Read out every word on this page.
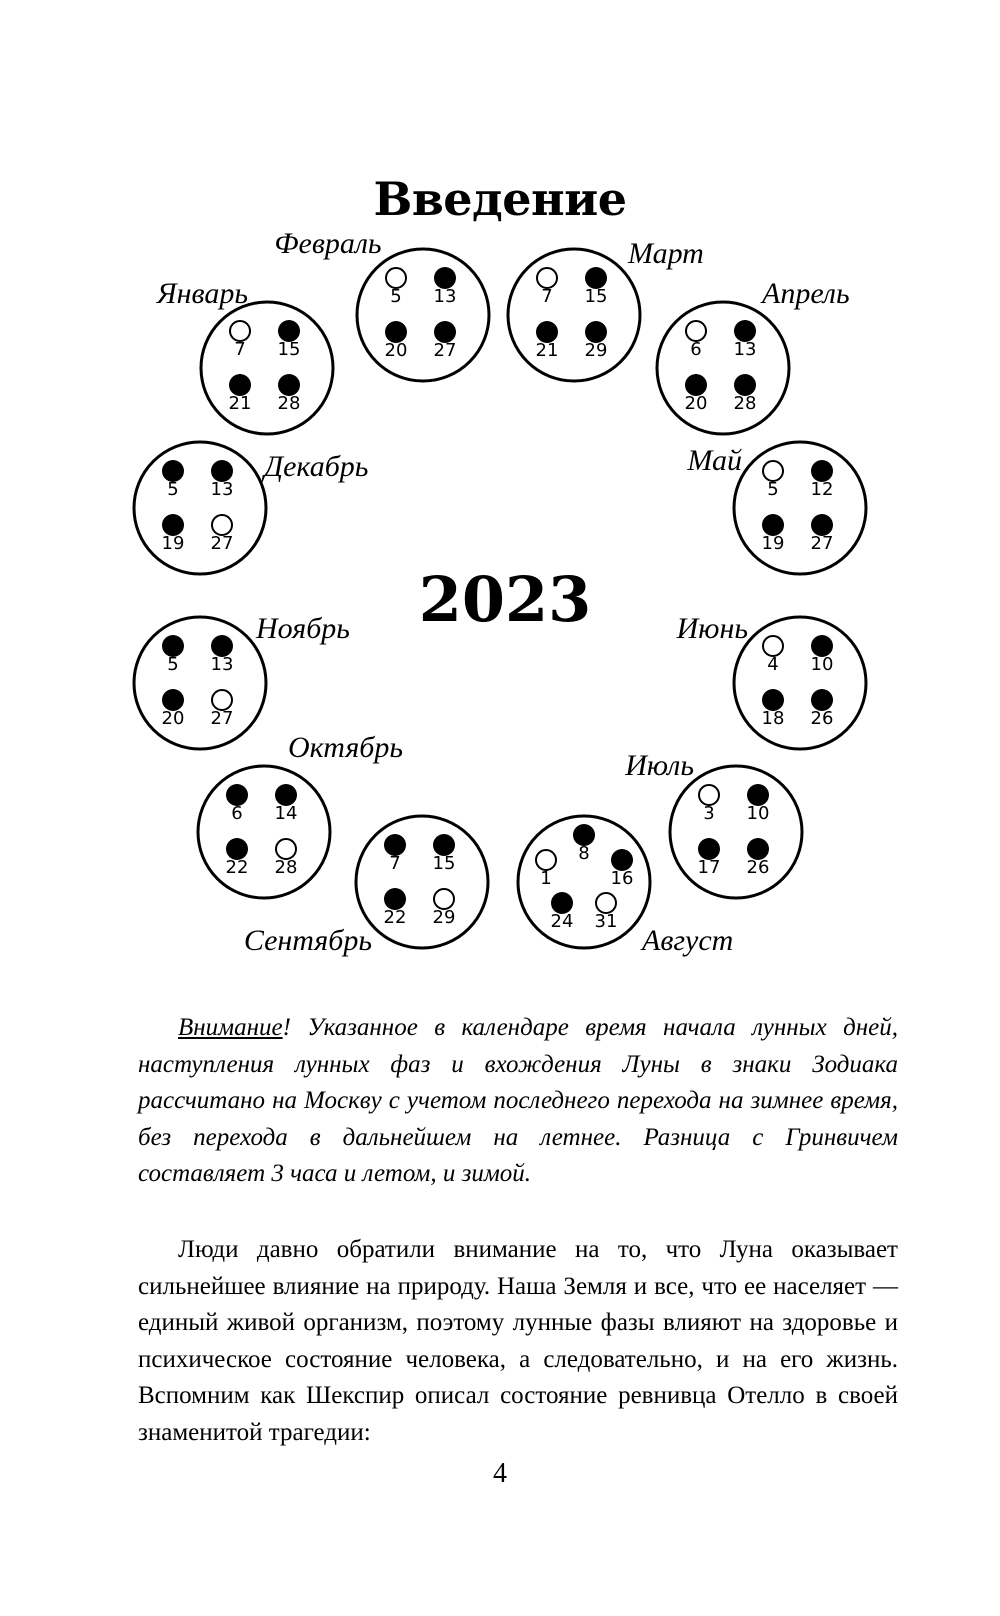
Введение
2023
Январь
7 15
21 28
Февраль
5 13
20 27
Март
7 15
21 29
Апрель
6 13
20 28
Май
5 12
19 27
Июнь
4 10
18 26
Июль
3 10
17 26
Август
1
8
16
24 31
Сентябрь
7 15
22 29
Октябрь
6 14
22 28
Ноябрь
5 13
20 27
Декабрь
5 13
19 27

Внимание! Указанное в календаре время начала лунных дней, наступления лунных фаз и вхождения Луны в знаки Зодиака рассчитано на Москву с учетом последнего перехода на зимнее время, без перехода в дальнейшем на летнее. Разница с Гринвичем составляет 3 часа и летом, и зимой.

Люди давно обратили внимание на то, что Луна оказывает сильнейшее влияние на природу. Наша Земля и все, что ее населяет — единый живой организм, поэтому лунные фазы влияют на здоровье и психическое состояние человека, а следовательно, и на его жизнь. Вспомним как Шекспир описал состояние ревнивца Отелло в своей знаменитой трагедии:

4
